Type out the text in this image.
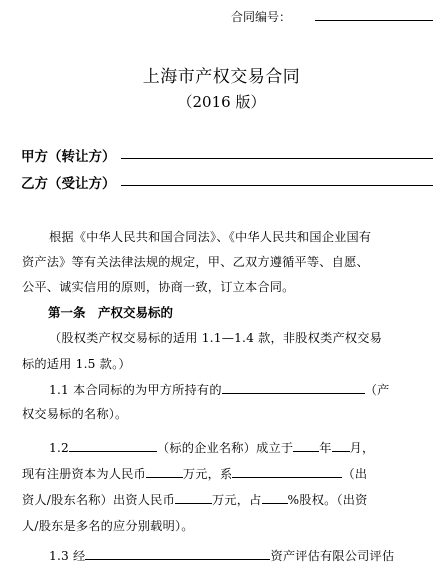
合同编号：
上海市产权交易合同
（2016 版）
甲方（转让方）
乙方（受让方）
根据《中华人民共和国合同法》、《中华人民共和国企业国有
资产法》等有关法律法规的规定，甲、乙双方遵循平等、自愿、
公平、诚实信用的原则，协商一致，订立本合同。
第一条　产权交易标的
（股权类产权交易标的适用 1.1—1.4 款，非股权类产权交易
标的适用 1.5 款。）
1.1 本合同标的为甲方所持有的	（产
权交易标的名称）。
1.2	（标的企业名称）成立于 年 月，
现有注册资本为人民币	万元，系	（出
资人/股东名称）出资人民币	万元，占 %股权。（出资
人/股东是多名的应分别载明）。
1.3 经	资产评估有限公司评估
